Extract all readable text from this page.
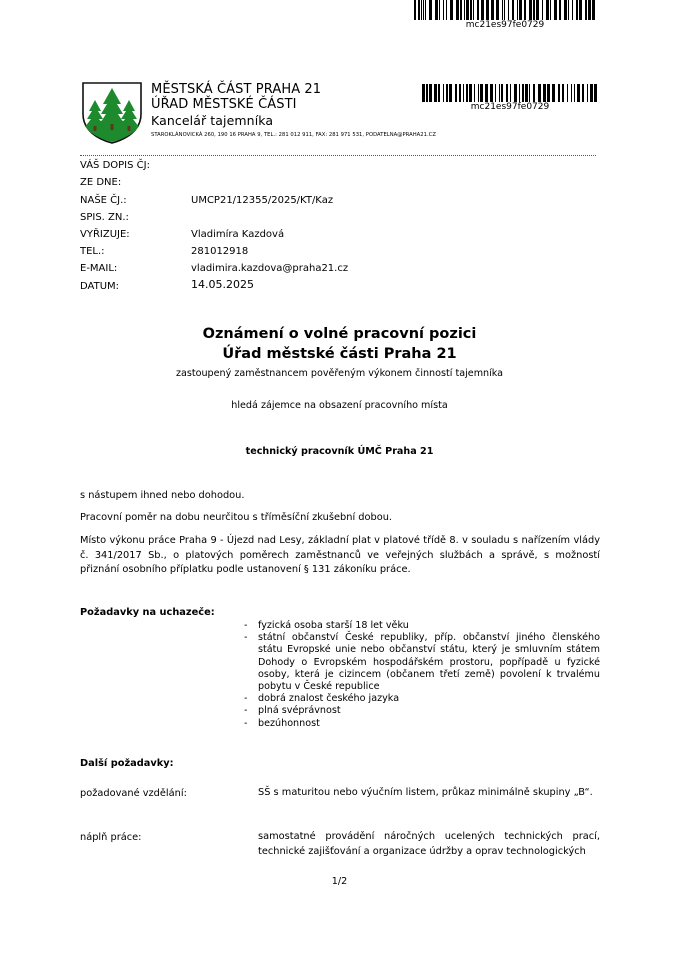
mc21es97fe0729
MĚSTSKÁ ČÁST PRAHA 21
ÚŘAD MĚSTSKÉ ČÁSTI
Kancelář tajemníka
STAROKLÁNOVICKÁ 260, 190 16 PRAHA 9, TEL.: 281 012 911, FAX: 281 971 531, PODATELNA@PRAHA21.CZ
mc21es97fe0729
VÁŠ DOPIS ČJ:
ZE DNE:
NAŠE ČJ.:	UMCP21/12355/2025/KT/Kaz
SPIS. ZN.:
VYŘIZUJE:	Vladimíra Kazdová
TEL.:	281012918
E-MAIL:	vladimira.kazdova@praha21.cz
DATUM:	14.05.2025
Oznámení o volné pracovní pozici
Úřad městské části Praha 21
zastoupený zaměstnancem pověřeným výkonem činností tajemníka
hledá zájemce na obsazení pracovního místa
technický pracovník ÚMČ Praha 21
s nástupem ihned nebo dohodou.
Pracovní poměr na dobu neurčitou s tříměsíční zkušební dobou.
Místo výkonu práce Praha 9 - Újezd nad Lesy, základní plat v platové třídě 8. v souladu s nařízením vlády č. 341/2017 Sb., o platových poměrech zaměstnanců ve veřejných službách a správě, s možností přiznání osobního příplatku podle ustanovení § 131 zákoníku práce.
Požadavky na uchazeče:
- fyzická osoba starší 18 let věku
- státní občanství České republiky, příp. občanství jiného členského státu Evropské unie nebo občanství státu, který je smluvním státem Dohody o Evropském hospodářském prostoru, popřípadě u fyzické osoby, která je cizincem (občanem třetí země) povolení k trvalému pobytu v České republice
- dobrá znalost českého jazyka
- plná svéprávnost
- bezúhonnost
Další požadavky:
požadované vzdělání:	SŠ s maturitou nebo výučním listem, průkaz minimálně skupiny „B“.
náplň práce:	samostatné provádění náročných ucelených technických prací, technické zajišťování a organizace údržby a oprav technologických
1/2
